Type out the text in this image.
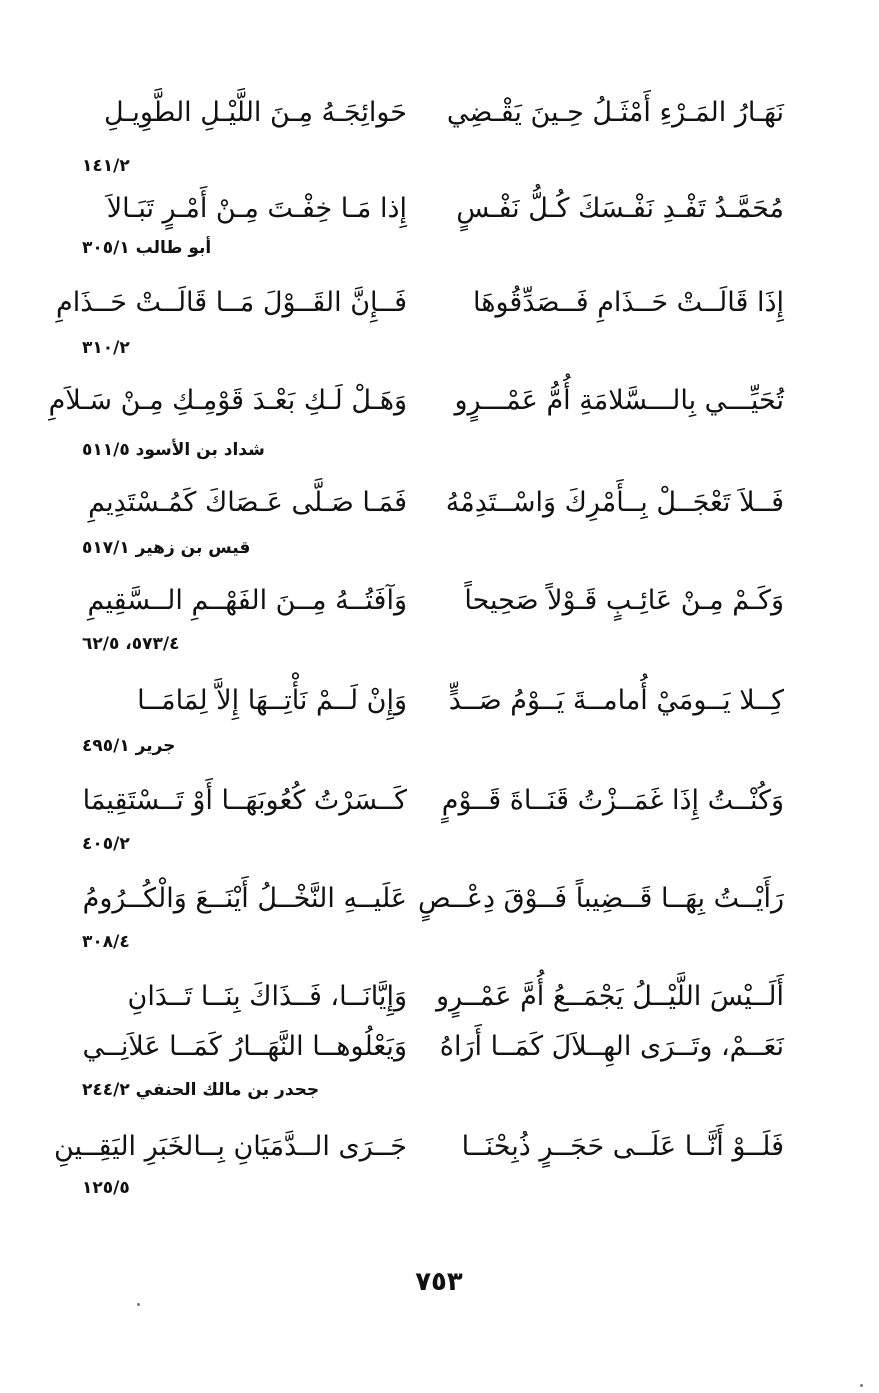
نَهَـارُ المَـرْءِ أَمْثَـلُ حِـينَ يَقْـضِي
حَوائِجَـهُ مِـنَ اللَّيْـلِ الطَّوِيـلِ
١٤١/٢
مُحَمَّـدُ تَفْـدِ نَفْـسَكَ كُـلُّ نَفْـسٍ
إِذا مَـا خِفْـتَ مِـنْ أَمْـرٍ تَبَـالاَ
أبو طالب ٣٠٥/١
إِذَا قَالَــتْ حَــذَامِ فَــصَدِّقُوهَا
فَــإِنَّ القَــوْلَ مَــا قَالَــتْ حَــذَامِ
٣١٠/٢
تُحَيِّـــي بِالـــسَّلامَةِ أُمُّ عَمْـــرٍو
وَهَـلْ لَـكِ بَعْـدَ قَوْمِـكِ مِـنْ سَـلاَمِ
شداد بن الأسود ٥١١/٥
فَــلاَ تَعْجَــلْ بِــأَمْرِكَ وَاسْــتَدِمْهُ
فَمَـا صَـلَّى عَـصَاكَ كَمُـسْتَدِيمِ
قيس بن زهير ٥١٧/١
وَكَـمْ مِـنْ عَائِـبٍ قَـوْلاً صَحِيحاً
وَآفَتُــهُ مِــنَ الفَهْــمِ الــسَّقِيمِ
٥٧٣/٤، ٦٢/٥
كِــلا يَــومَيْ أُمامــةَ يَــوْمُ صَــدٍّ
وَإِنْ لَــمْ نَأْتِــهَا إِلاَّ لِمَامَــا
جرير ٤٩٥/١
وَكُنْــتُ إِذَا غَمَــزْتُ قَنَــاةَ قَــوْمٍ
كَــسَرْتُ كُعُوبَهَــا أَوْ تَــسْتَقِيمَا
٤٠٥/٢
رَأَيْــتُ بِهَــا قَــضِيباً فَــوْقَ دِعْــصٍ
عَلَيــهِ النَّخْــلُ أَيْنَــعَ وَالْكُــرُومُ
٣٠٨/٤
أَلَــيْسَ اللَّيْــلُ يَجْمَــعُ أُمَّ عَمْــرٍو
وَإِيَّانَــا، فَــذَاكَ بِنَــا تَــدَانِ
نَعَــمْ، وتَــرَى الهِــلاَلَ كَمَــا أَرَاهُ
وَيَعْلُوهــا النَّهَــارُ كَمَــا عَلاَنِــي
جحدر بن مالك الحنفي ٢٤٤/٢
فَلَــوْ أَنَّــا عَلَــى حَجَــرٍ ذُبِحْنَــا
جَــرَى الــدَّمَيَانِ بِــالخَبَرِ اليَقِــينِ
١٢٥/٥
٧٥٣
